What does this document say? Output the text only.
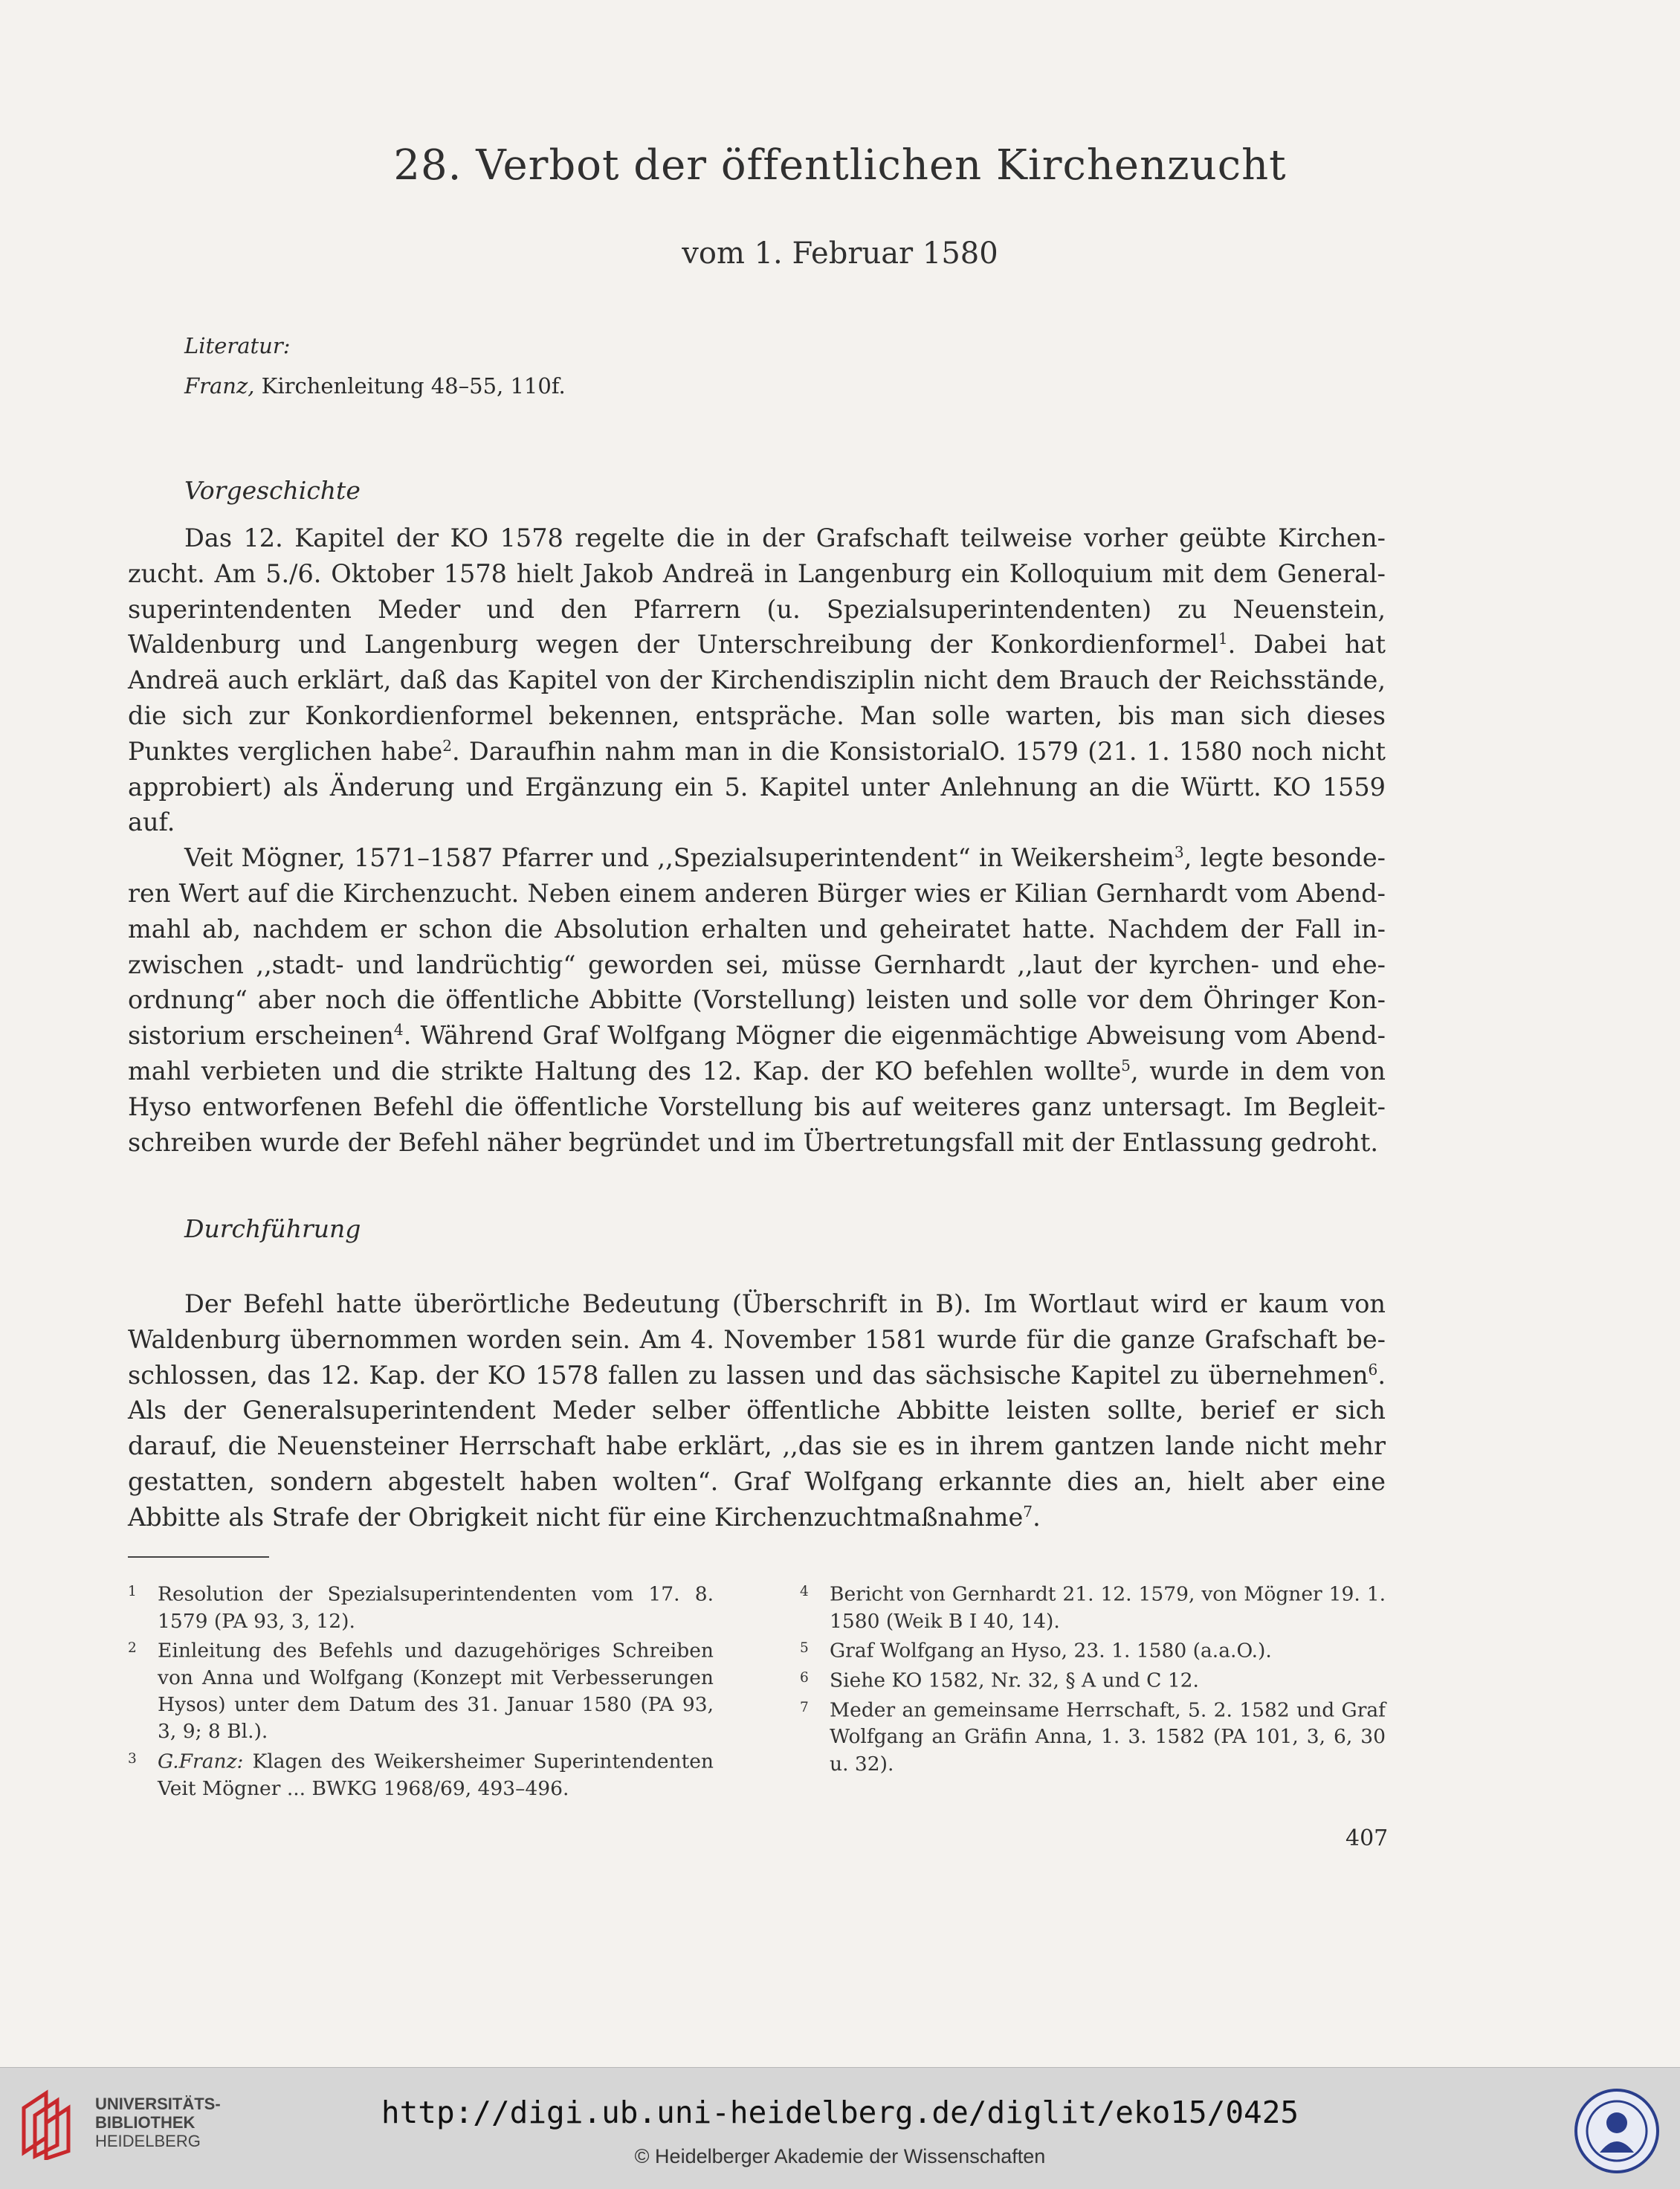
28. Verbot der öffentlichen Kirchenzucht
vom 1. Februar 1580
Literatur:
Franz, Kirchenleitung 48–55, 110f.
Vorgeschichte

Das 12. Kapitel der KO 1578 regelte die in der Grafschaft teilweise vorher geübte Kirchenzucht. Am 5./6. Oktober 1578 hielt Jakob Andreä in Langenburg ein Kolloquium mit dem Generalsuperintendenten Meder und den Pfarrern (u. Spezialsuperintendenten) zu Neuenstein, Waldenburg und Langenburg wegen der Unterschreibung der Konkordienformel$^1$. Dabei hat Andreä auch erklärt, daß das Kapitel von der Kirchendisziplin nicht dem Brauch der Reichsstände, die sich zur Konkordienformel bekennen, entspräche. Man solle warten, bis man sich dieses Punktes verglichen habe$^2$. Daraufhin nahm man in die KonsistorialO. 1579 (21. 1. 1580 noch nicht approbiert) als Änderung und Ergänzung ein 5. Kapitel unter Anlehnung an die Württ. KO 1559 auf.

Veit Mögner, 1571–1587 Pfarrer und ,,Spezialsuperintendent“ in Weikersheim$^3$, legte besonderen Wert auf die Kirchenzucht. Neben einem anderen Bürger wies er Kilian Gernhardt vom Abendmahl ab, nachdem er schon die Absolution erhalten und geheiratet hatte. Nachdem der Fall inzwischen ,,stadt- und landrüchtig“ geworden sei, müsse Gernhardt ,,laut der kyrchen- und eheordnung“ aber noch die öffentliche Abbitte (Vorstellung) leisten und solle vor dem Öhringer Konsistorium erscheinen$^4$. Während Graf Wolfgang Mögner die eigenmächtige Abweisung vom Abendmahl verbieten und die strikte Haltung des 12. Kap. der KO befehlen wollte$^5$, wurde in dem von Hyso entworfenen Befehl die öffentliche Vorstellung bis auf weiteres ganz untersagt. Im Begleitschreiben wurde der Befehl näher begründet und im Übertretungsfall mit der Entlassung gedroht.

Durchführung

Der Befehl hatte überörtliche Bedeutung (Überschrift in B). Im Wortlaut wird er kaum von Waldenburg übernommen worden sein. Am 4. November 1581 wurde für die ganze Grafschaft beschlossen, das 12. Kap. der KO 1578 fallen zu lassen und das sächsische Kapitel zu übernehmen$^6$. Als der Generalsuperintendent Meder selber öffentliche Abbitte leisten sollte, berief er sich darauf, die Neuensteiner Herrschaft habe erklärt, ,,das sie es in ihrem gantzen lande nicht mehr gestatten, sondern abgestelt haben wolten“. Graf Wolfgang erkannte dies an, hielt aber eine Abbitte als Strafe der Obrigkeit nicht für eine Kirchenzuchtmaßnahme$^7$.

1 Resolution der Spezialsuperintendenten vom 17. 8. 1579 (PA 93, 3, 12).

2 Einleitung des Befehls und dazugehöriges Schreiben von Anna und Wolfgang (Konzept mit Verbesserungen Hysos) unter dem Datum des 31. Januar 1580 (PA 93, 3, 9; 8 Bl.).

3 G.Franz: Klagen des Weikersheimer Superintendenten Veit Mögner ... BWKG 1968/69, 493–496.

4 Bericht von Gernhardt 21. 12. 1579, von Mögner 19. 1. 1580 (Weik B I 40, 14).

5 Graf Wolfgang an Hyso, 23. 1. 1580 (a.a.O.).

6 Siehe KO 1582, Nr. 32, § A und C 12.

7 Meder an gemeinsame Herrschaft, 5. 2. 1582 und Graf Wolfgang an Gräfin Anna, 1. 3. 1582 (PA 101, 3, 6, 30 u. 32).

407
UNIVERSITÄTS-
BIBLIOTHEK
HEIDELBERG
http://digi.ub.uni-heidelberg.de/diglit/eko15/0425
© Heidelberger Akademie der Wissenschaften
